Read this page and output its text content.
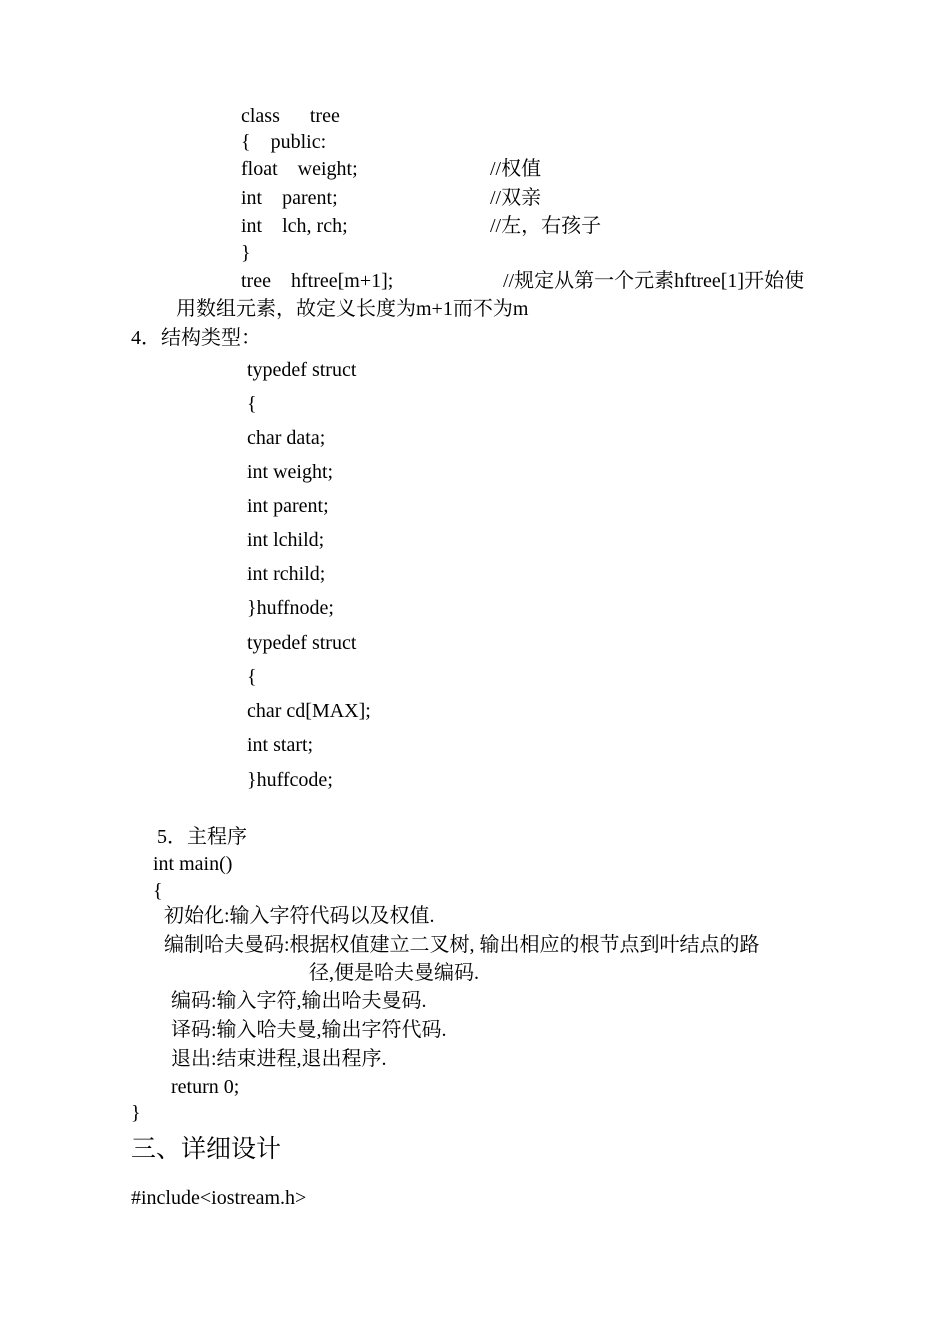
class      tree
{    public:
float    weight;	//权值
int    parent;	//双亲
int    lch, rch;	//左，右孩子
}
tree    hftree[m+1];	//规定从第一个元素hftree[1]开始使
用数组元素，故定义长度为m+1而不为m
4．结构类型：
typedef struct
{
char data;
int weight;
int parent;
int lchild;
int rchild;
}huffnode;
typedef struct
{
char cd[MAX];
int start;
}huffcode;
5．主程序
int main()
{
初始化:输入字符代码以及权值.
编制哈夫曼码:根据权值建立二叉树, 输出相应的根节点到叶结点的路
径,便是哈夫曼编码.
编码:输入字符,输出哈夫曼码.
译码:输入哈夫曼,输出字符代码.
退出:结束进程,退出程序.
return 0;
}
三、详细设计
#include<iostream.h>
